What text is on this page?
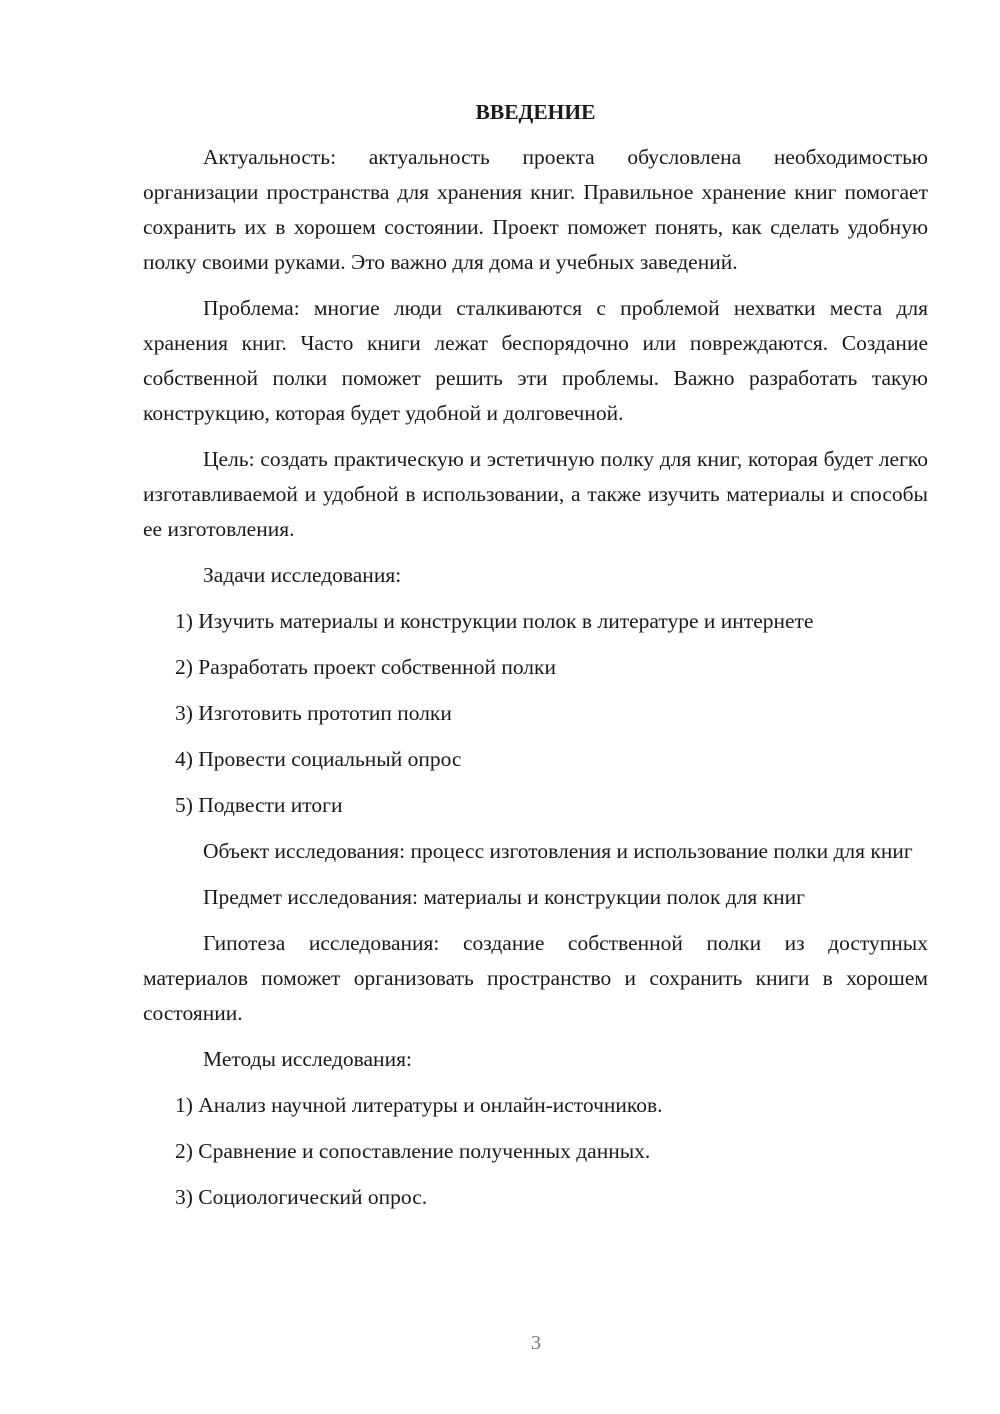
ВВЕДЕНИЕ

Актуальность: актуальность проекта обусловлена необходимостью организации пространства для хранения книг. Правильное хранение книг помогает сохранить их в хорошем состоянии. Проект поможет понять, как сделать удобную полку своими руками. Это важно для дома и учебных заведений.

Проблема: многие люди сталкиваются с проблемой нехватки места для хранения книг. Часто книги лежат беспорядочно или повреждаются. Создание собственной полки поможет решить эти проблемы. Важно разработать такую конструкцию, которая будет удобной и долговечной.

Цель: создать практическую и эстетичную полку для книг, которая будет легко изготавливаемой и удобной в использовании, а также изучить материалы и способы ее изготовления.

Задачи исследования:

1) Изучить материалы и конструкции полок в литературе и интернете

2) Разработать проект собственной полки

3) Изготовить прототип полки

4) Провести социальный опрос

5) Подвести итоги

Объект исследования: процесс изготовления и использование полки для книг

Предмет исследования: материалы и конструкции полок для книг

Гипотеза исследования: создание собственной полки из доступных материалов поможет организовать пространство и сохранить книги в хорошем состоянии.

Методы исследования:

1) Анализ научной литературы и онлайн-источников.

2) Сравнение и сопоставление полученных данных.

3) Социологический опрос.

3
